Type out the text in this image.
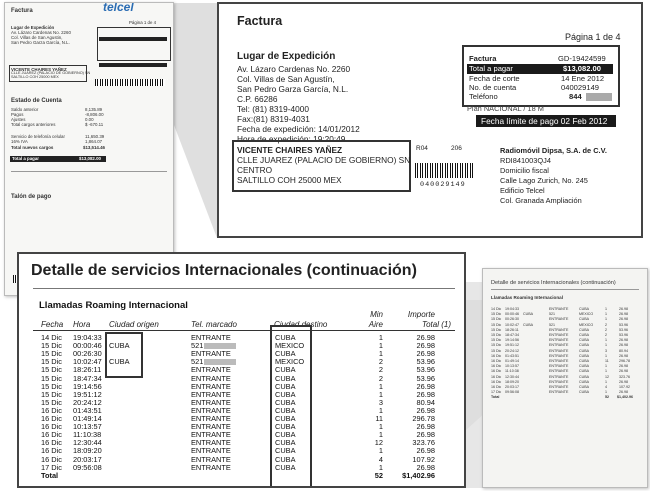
Factura	telcel
Página 1 de 4
Lugar de Expedición
Av. Lázaro Cardenas No. 2260
Col. Villas de San Agustin,
San Pedro Garza García, N.L.
VICENTE CHAIRES YAÑEZ
CLLE JUAREZ (PALACIO DE GOBIERNO) SN
SALTILLO COH 25000 MEX
Estado de Cuenta
Saldo anterior	8,135.89
Pagos	-8,806.00
Ajustes	0.00
Total cargos anteriores	$ -670.11
Servicio de telefonía celular	11,650.39
16% IVA	1,864.07
Total nuevos cargos	$13,514.46
Total a pagar	$13,082.00
Talón de pago
Factura
Página 1 de 4
Lugar de Expedición
Av. Lázaro Cardenas No. 2260
Col. Villas de San Agustín,
San Pedro Garza García, N.L.
C.P. 66286
Tel: (81) 8319-4000
Fax:(81) 8319-4031
Fecha de expedición: 14/01/2012
Hora de expedición: 19:20:49
Factura	GD-19424599
Total a pagar	$13,082.00
Fecha de corte	14 Ene 2012
No. de cuenta	040029149
Teléfono	844
Plan NACIONAL / 18 M
Fecha límite de pago 02 Feb 2012
VICENTE CHAIRES YAÑEZ
CLLE JUAREZ (PALACIO DE GOBIERNO) SN
CENTRO
SALTILLO COH 25000 MEX
R04	206
040029149
Radiomóvil Dipsa, S.A. de C.V.
RDI841003QJ4
Domicilio fiscal
Calle Lago Zurich, No. 245
Edificio Telcel
Col. Granada Ampliación
Detalle de servicios Internacionales (continuación)
Llamadas Roaming Internacional
Fecha Hora Ciudad origen	Tel. marcado	Ciudad destino
Min
Aire
Importe
Total (1)
14 Dic 19:04:33	ENTRANTE	CUBA	1	26.98
15 Dic 00:00:46 CUBA	521	MEXICO	1	26.98
15 Dic 00:26:30	ENTRANTE	CUBA	1	26.98
15 Dic 10:02:47 CUBA	521	MEXICO	2	53.96
15 Dic 18:26:11	ENTRANTE	CUBA	2	53.96
15 Dic 18:47:34	ENTRANTE	CUBA	2	53.96
15 Dic 19:14:56	ENTRANTE	CUBA	1	26.98
15 Dic 19:51:12	ENTRANTE	CUBA	1	26.98
15 Dic 20:24:12	ENTRANTE	CUBA	3	80.94
16 Dic 01:43:51	ENTRANTE	CUBA	1	26.98
16 Dic 01:49:14	ENTRANTE	CUBA	11	296.78
16 Dic 10:13:57	ENTRANTE	CUBA	1	26.98
16 Dic 11:10:38	ENTRANTE	CUBA	1	26.98
16 Dic 12:30:44	ENTRANTE	CUBA	12	323.76
16 Dic 18:09:20	ENTRANTE	CUBA	1	26.98
16 Dic 20:03:17	ENTRANTE	CUBA	4	107.92
17 Dic 09:56:08	ENTRANTE	CUBA	1	26.98
Total	52	$1,402.96
Detalle de servicios Internacionales (continuación)
Llamadas Roaming Internacional
14 Dic 19:04:33	ENTRANTE	CUBA	1	26.98
15 Dic 00:00:46 CUBA	521	MEXICO	1	26.98
15 Dic 00:26:30	ENTRANTE	CUBA	1	26.98
15 Dic 10:02:47 CUBA	521	MEXICO	2	53.96
15 Dic 18:26:11	ENTRANTE	CUBA	2	53.96
15 Dic 18:47:34	ENTRANTE	CUBA	2	53.96
15 Dic 19:14:56	ENTRANTE	CUBA	1	26.98
15 Dic 19:51:12	ENTRANTE	CUBA	1	26.98
15 Dic 20:24:12	ENTRANTE	CUBA	3	80.94
16 Dic 01:43:51	ENTRANTE	CUBA	1	26.98
16 Dic 01:49:14	ENTRANTE	CUBA	11	296.78
16 Dic 10:13:57	ENTRANTE	CUBA	1	26.98
16 Dic 11:10:38	ENTRANTE	CUBA	1	26.98
16 Dic 12:30:44	ENTRANTE	CUBA	12	323.76
16 Dic 18:09:20	ENTRANTE	CUBA	1	26.98
16 Dic 20:03:17	ENTRANTE	CUBA	4	107.92
17 Dic 09:56:08	ENTRANTE	CUBA	1	26.98
Total	52 $1,402.96
